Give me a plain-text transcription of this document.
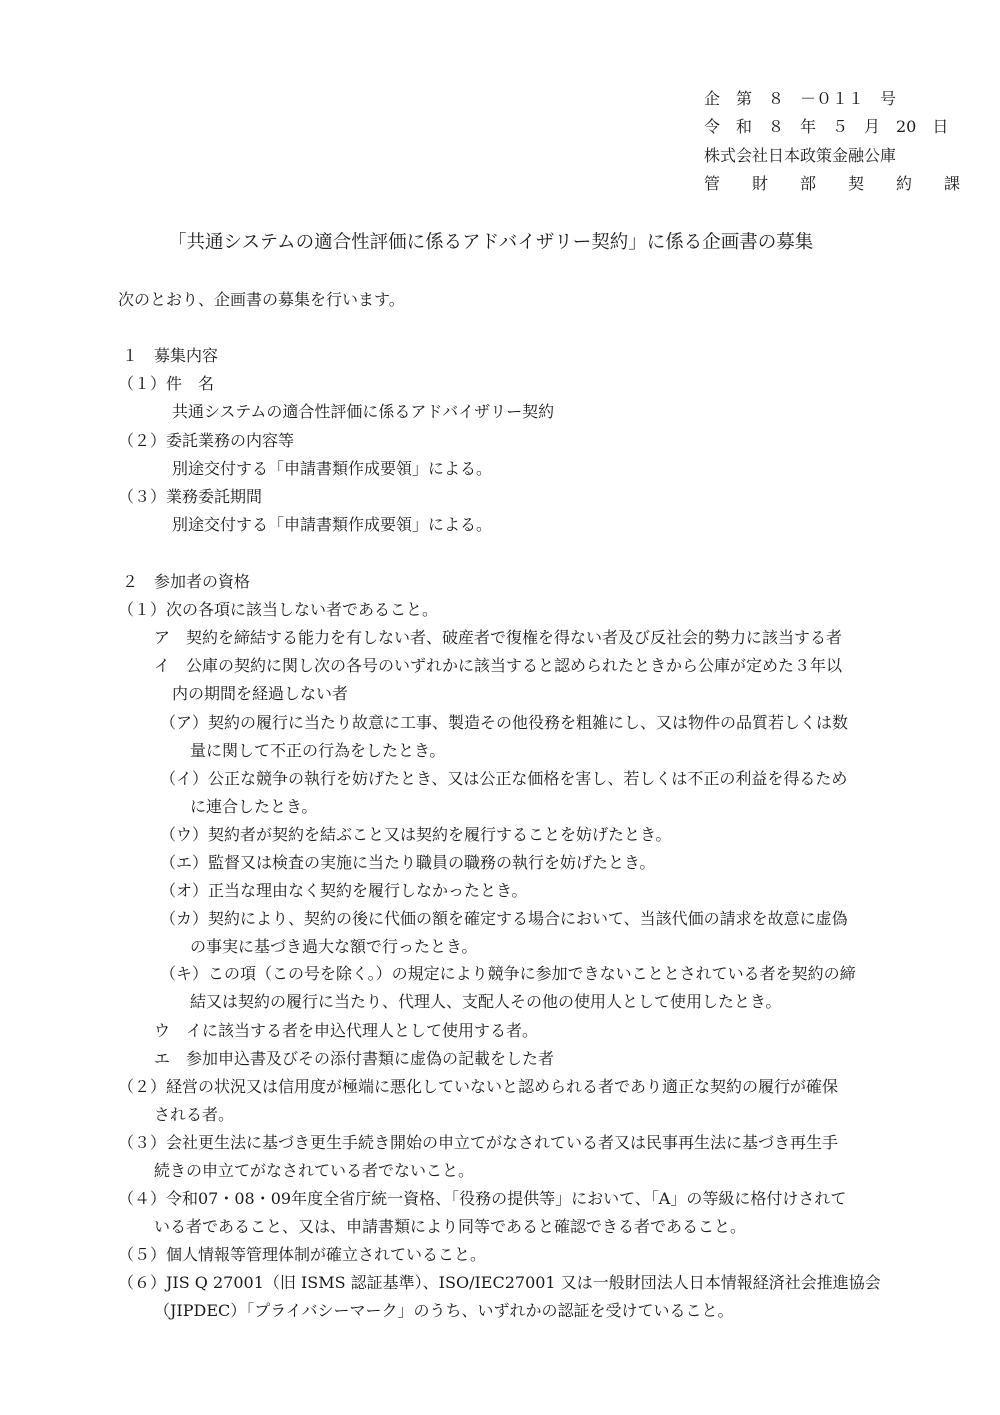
企　第　８　－０１１　号
令　和　８　年　５　月　20　日
株式会社日本政策金融公庫
管　　財　　部　　契　　約　　課
「共通システムの適合性評価に係るアドバイザリー契約」に係る企画書の募集
次のとおり、企画書の募集を行います。
１　募集内容
（１）件　名
共通システムの適合性評価に係るアドバイザリー契約
（２）委託業務の内容等
別途交付する「申請書類作成要領」による。
（３）業務委託期間
別途交付する「申請書類作成要領」による。
２　参加者の資格
（１）次の各項に該当しない者であること。
ア　契約を締結する能力を有しない者、破産者で復権を得ない者及び反社会的勢力に該当する者
イ　公庫の契約に関し次の各号のいずれかに該当すると認められたときから公庫が定めた３年以
内の期間を経過しない者
（ア）契約の履行に当たり故意に工事、製造その他役務を粗雑にし、又は物件の品質若しくは数
量に関して不正の行為をしたとき。
（イ）公正な競争の執行を妨げたとき、又は公正な価格を害し、若しくは不正の利益を得るため
に連合したとき。
（ウ）契約者が契約を結ぶこと又は契約を履行することを妨げたとき。
（エ）監督又は検査の実施に当たり職員の職務の執行を妨げたとき。
（オ）正当な理由なく契約を履行しなかったとき。
（カ）契約により、契約の後に代価の額を確定する場合において、当該代価の請求を故意に虚偽
の事実に基づき過大な額で行ったとき。
（キ）この項（この号を除く。）の規定により競争に参加できないこととされている者を契約の締
結又は契約の履行に当たり、代理人、支配人その他の使用人として使用したとき。
ウ　イに該当する者を申込代理人として使用する者。
エ　参加申込書及びその添付書類に虚偽の記載をした者
（２）経営の状況又は信用度が極端に悪化していないと認められる者であり適正な契約の履行が確保
される者。
（３）会社更生法に基づき更生手続き開始の申立てがなされている者又は民事再生法に基づき再生手
続きの申立てがなされている者でないこと。
（４）令和07・08・09年度全省庁統一資格、「役務の提供等」において、「A」の等級に格付けされて
いる者であること、又は、申請書類により同等であると確認できる者であること。
（５）個人情報等管理体制が確立されていること。
（６）JIS Q 27001（旧 ISMS 認証基準）、ISO/IEC27001 又は一般財団法人日本情報経済社会推進協会
（JIPDEC）「プライバシーマーク」のうち、いずれかの認証を受けていること。
